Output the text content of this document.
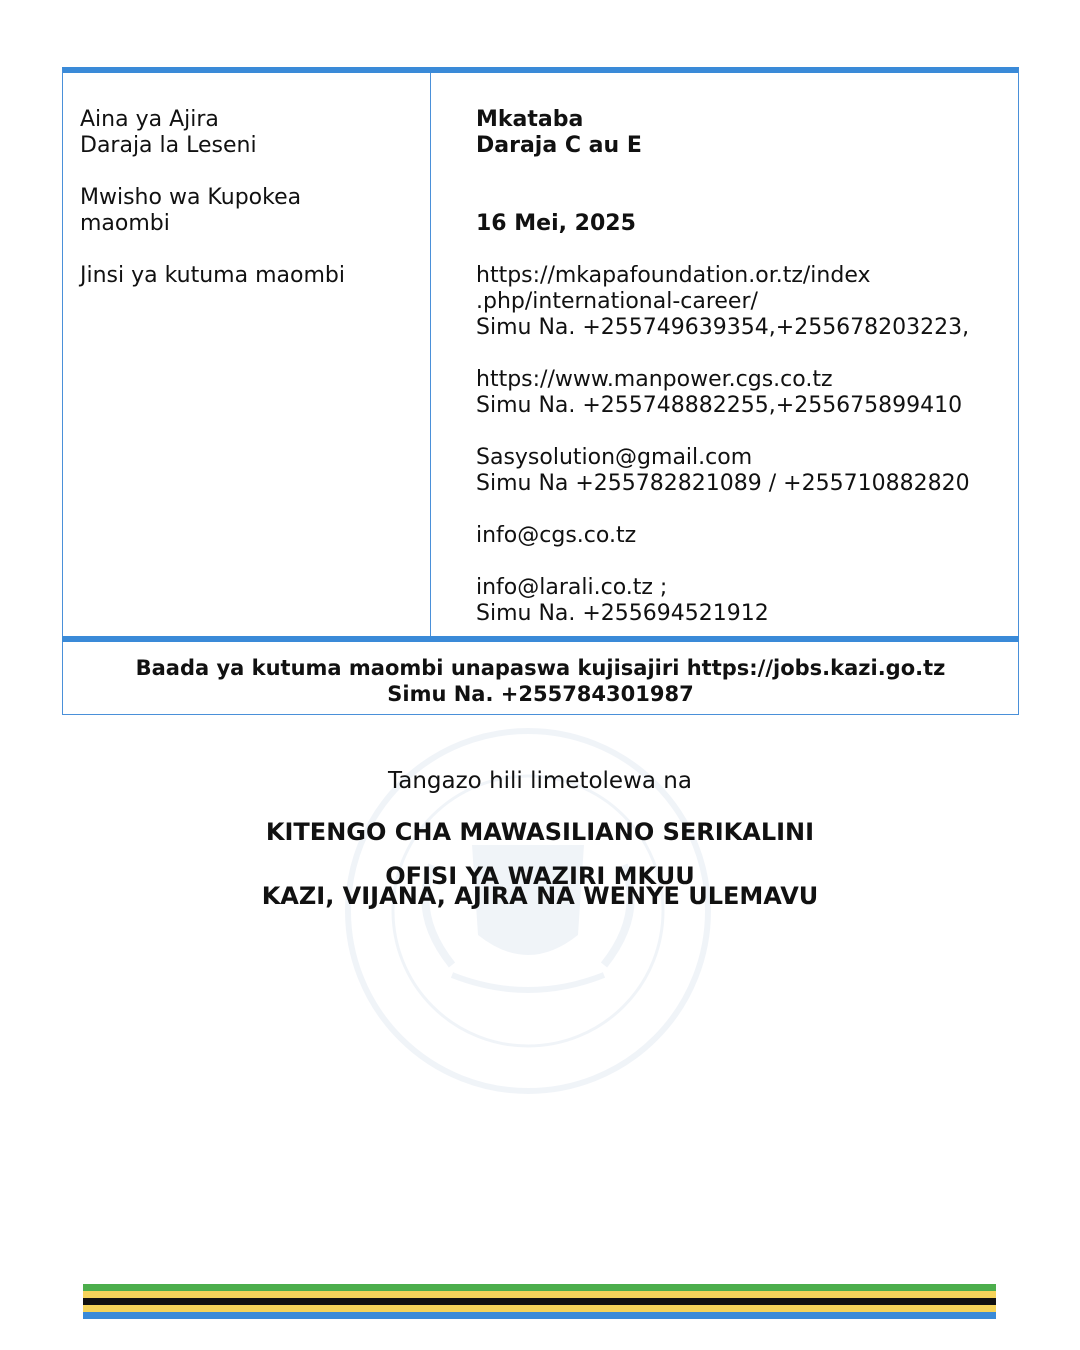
Aina ya Ajira
Daraja la Leseni
Mwisho wa Kupokea
maombi
Jinsi ya kutuma maombi
Mkataba
Daraja C au E
16 Mei, 2025
https://mkapafoundation.or.tz/index
.php/international-career/
Simu Na. +255749639354,+255678203223,
https://www.manpower.cgs.co.tz
Simu Na. +255748882255,+255675899410
Sasysolution@gmail.com
Simu Na +255782821089 / +255710882820
info@cgs.co.tz
info@larali.co.tz ;
Simu Na. +255694521912
Baada ya kutuma maombi unapaswa kujisajiri https://jobs.kazi.go.tz
Simu Na. +255784301987
Tangazo hili limetolewa na
KITENGO CHA MAWASILIANO SERIKALINI
OFISI YA WAZIRI MKUU
KAZI, VIJANA, AJIRA NA WENYE ULEMAVU
